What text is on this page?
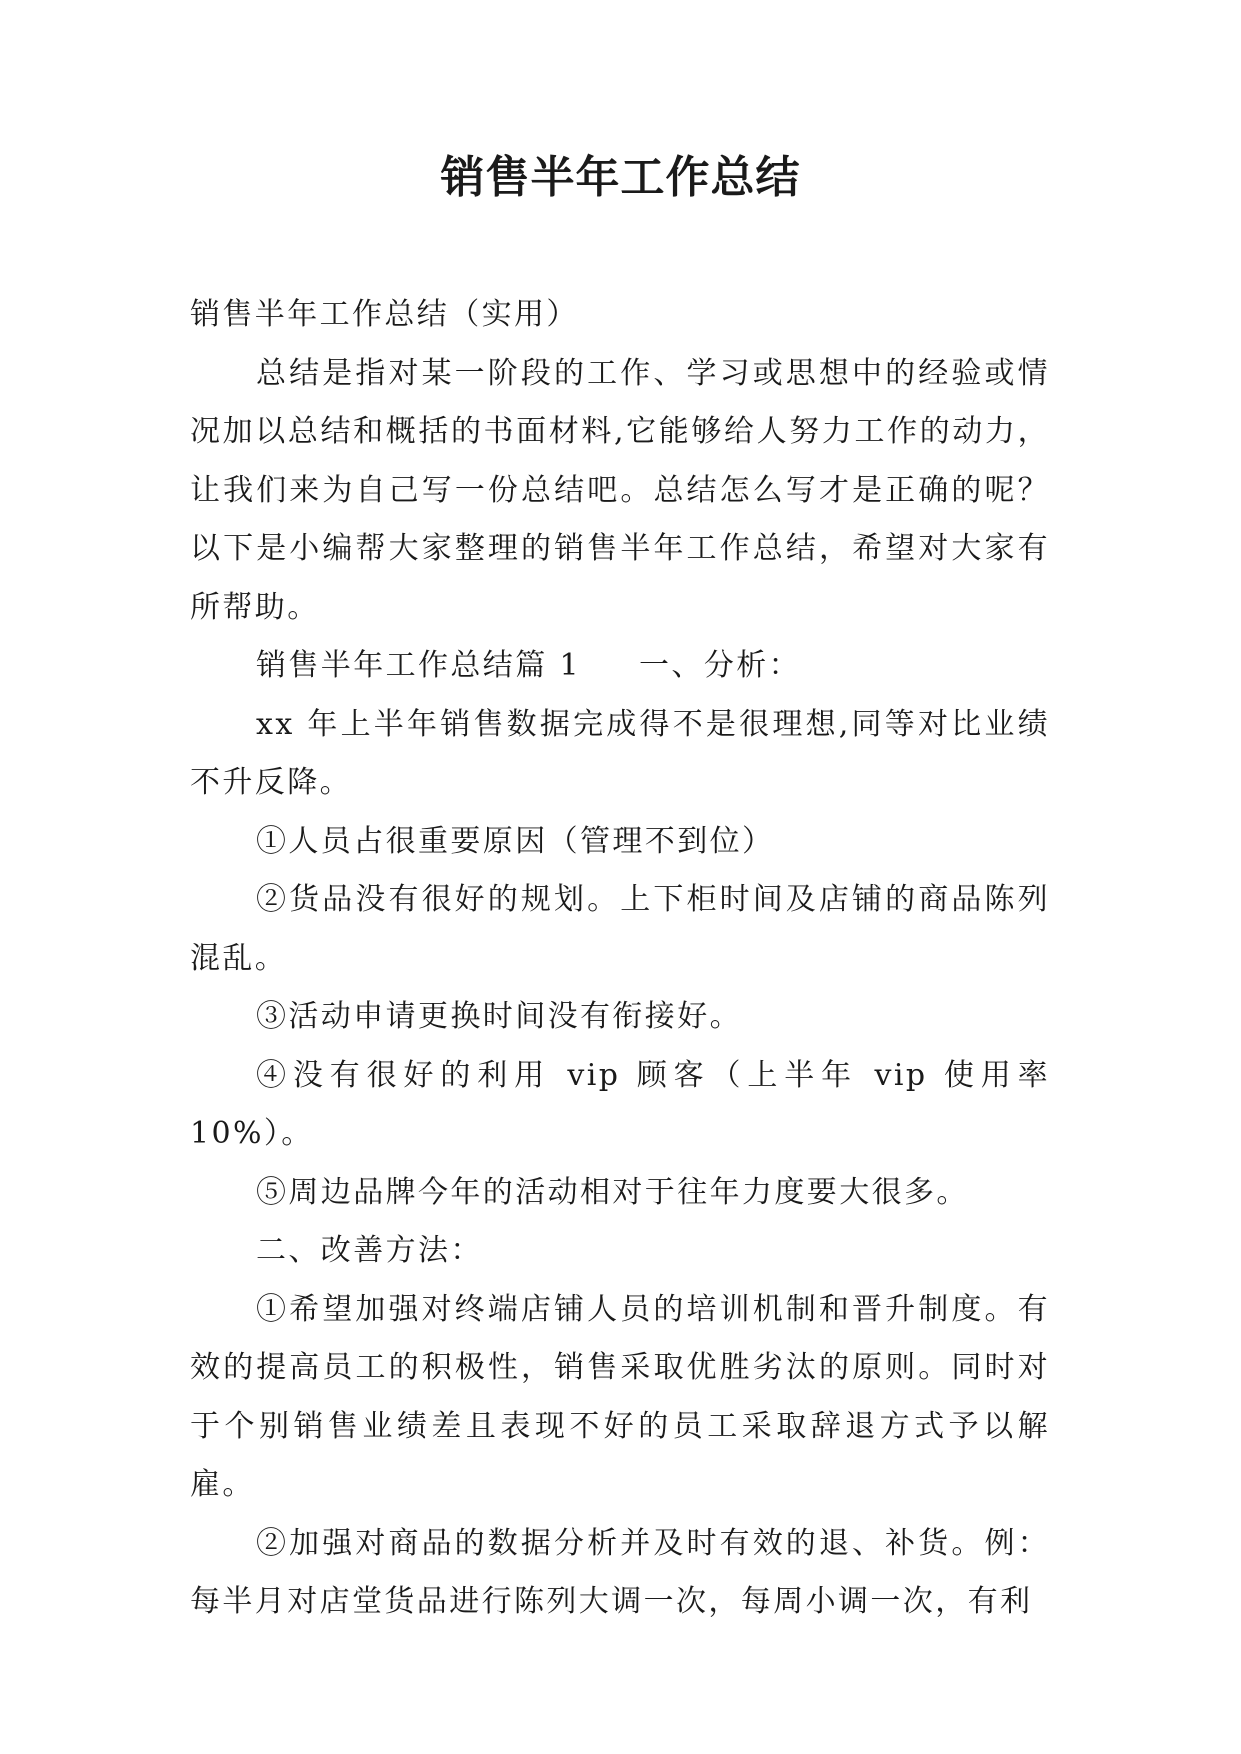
销售半年工作总结

销售半年工作总结（实用）

总结是指对某一阶段的工作、学习或思想中的经验或情况加以总结和概括的书面材料,它能够给人努力工作的动力，让我们来为自己写一份总结吧。总结怎么写才是正确的呢？以下是小编帮大家整理的销售半年工作总结，希望对大家有所帮助。

销售半年工作总结篇 1 一、分析：

xx 年上半年销售数据完成得不是很理想,同等对比业绩不升反降。

①人员占很重要原因（管理不到位）

②货品没有很好的规划。上下柜时间及店铺的商品陈列混乱。

③活动申请更换时间没有衔接好。

④没有很好的利用 vip 顾客（上半年 vip 使用率 10%）。

⑤周边品牌今年的活动相对于往年力度要大很多。

二、改善方法：

①希望加强对终端店铺人员的培训机制和晋升制度。有效的提高员工的积极性，销售采取优胜劣汰的原则。同时对于个别销售业绩差且表现不好的员工采取辞退方式予以解雇。

②加强对商品的数据分析并及时有效的退、补货。例：每半月对店堂货品进行陈列大调一次，每周小调一次，有利
